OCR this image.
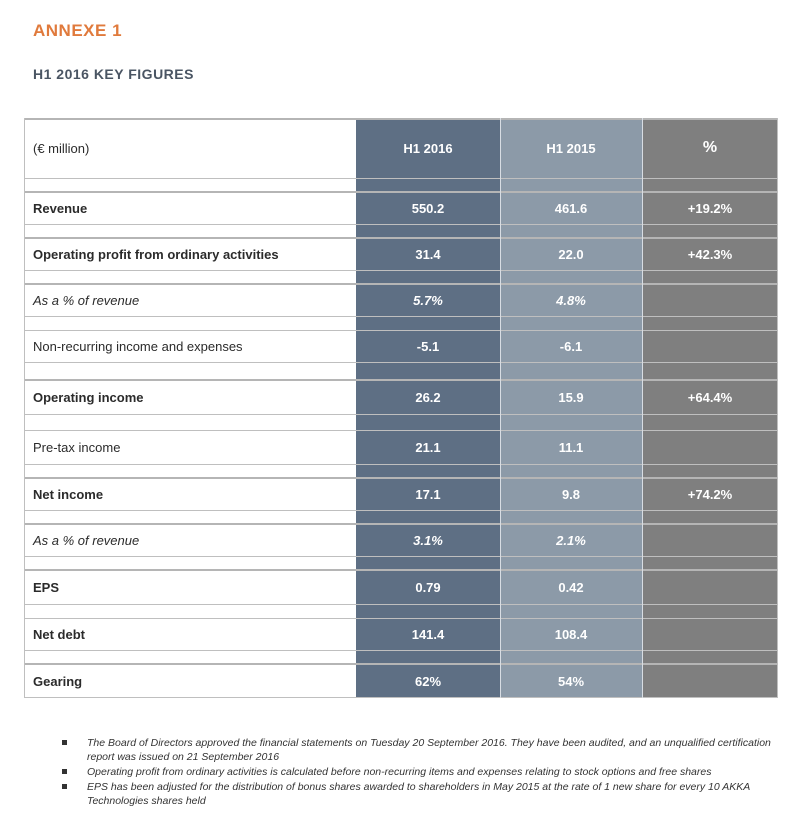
ANNEXE 1
H1 2016 KEY FIGURES
(€ million)	H1 2016	H1 2015	%
Revenue	550.2	461.6	+19.2%
Operating profit from ordinary activities	31.4	22.0	+42.3%
As a % of revenue	5.7%	4.8%
Non-recurring income and expenses	-5.1	-6.1
Operating income	26.2	15.9	+64.4%
Pre-tax income	21.1	11.1
Net income	17.1	9.8	+74.2%
As a % of revenue	3.1%	2.1%
EPS	0.79	0.42
Net debt	141.4	108.4
Gearing	62%	54%
The Board of Directors approved the financial statements on Tuesday 20 September 2016. They have been audited, and an unqualified certification report was issued on 21 September 2016
Operating profit from ordinary activities is calculated before non-recurring items and expenses relating to stock options and free shares
EPS has been adjusted for the distribution of bonus shares awarded to shareholders in May 2015 at the rate of 1 new share for every 10 AKKA Technologies shares held
